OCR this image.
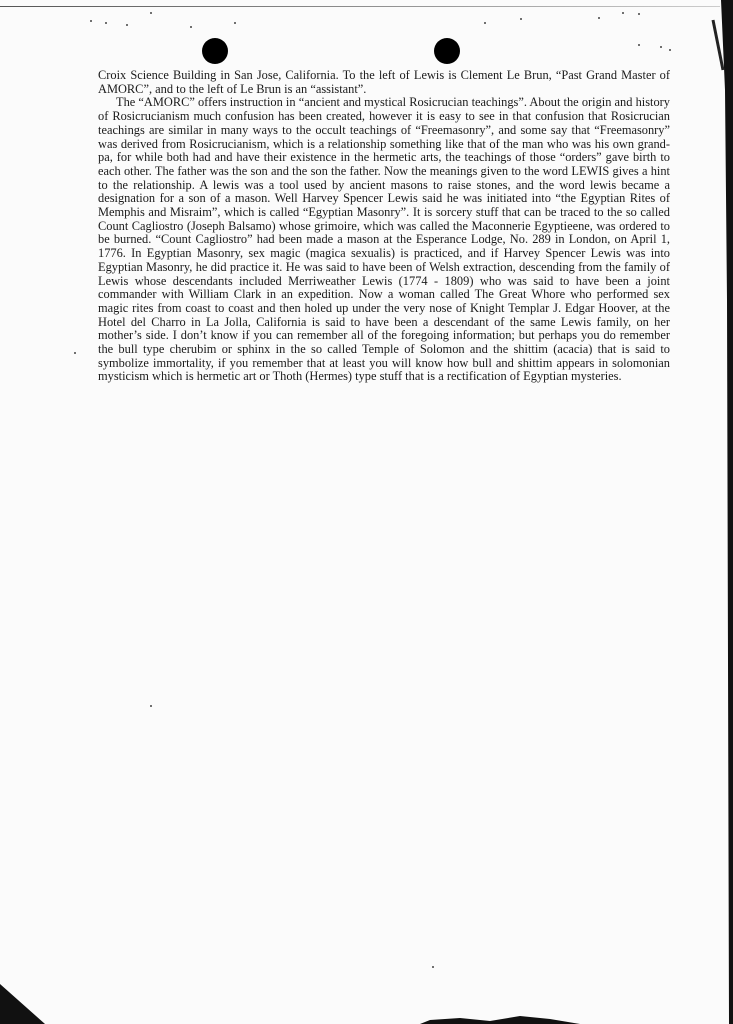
Croix Science Building in San Jose, California. To the left of Lewis is Clement Le Brun, “Past Grand Master of AMORC”, and to the left of Le Brun is an “assistant”.

The “AMORC” offers instruction in “ancient and mystical Rosicrucian teachings”. About the origin and history of Rosicrucianism much confusion has been created, however it is easy to see in that confusion that Rosicrucian teachings are similar in many ways to the occult teachings of “Freemasonry”, and some say that “Freemasonry” was derived from Rosicrucianism, which is a relationship something like that of the man who was his own grand-pa, for while both had and have their existence in the hermetic arts, the teachings of those “orders” gave birth to each other. The father was the son and the son the father. Now the meanings given to the word LEWIS gives a hint to the relationship. A lewis was a tool used by ancient masons to raise stones, and the word lewis became a designation for a son of a mason. Well Harvey Spencer Lewis said he was initiated into “the Egyptian Rites of Memphis and Misraim”, which is called “Egyptian Masonry”. It is sorcery stuff that can be traced to the so called Count Cagliostro (Joseph Balsamo) whose grimoire, which was called the Maconnerie Egyptieene, was ordered to be burned. “Count Cagliostro” had been made a mason at the Esperance Lodge, No. 289 in London, on April 1, 1776. In Egyptian Masonry, sex magic (magica sexualis) is practiced, and if Harvey Spencer Lewis was into Egyptian Masonry, he did practice it. He was said to have been of Welsh extraction, descending from the family of Lewis whose descendants included Merriweather Lewis (1774 - 1809) who was said to have been a joint commander with William Clark in an expedition. Now a woman called The Great Whore who performed sex magic rites from coast to coast and then holed up under the very nose of Knight Templar J. Edgar Hoover, at the Hotel del Charro in La Jolla, California is said to have been a descendant of the same Lewis family, on her mother’s side. I don’t know if you can remember all of the foregoing information; but perhaps you do remember the bull type cherubim or sphinx in the so called Temple of Solomon and the shittim (acacia) that is said to symbolize immortality, if you remember that at least you will know how bull and shittim appears in solomonian mysticism which is hermetic art or Thoth (Hermes) type stuff that is a rectification of Egyptian mysteries.
